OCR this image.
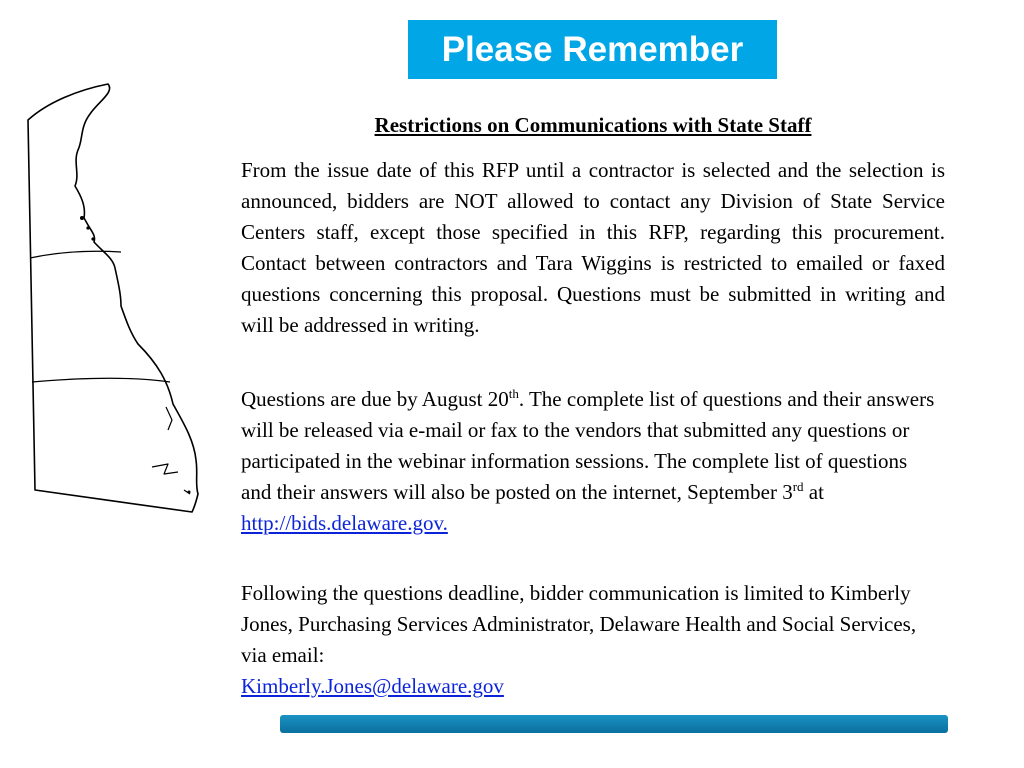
Please Remember
Restrictions on Communications with State Staff
From the issue date of this RFP until a contractor is selected and the selection is announced, bidders are NOT allowed to contact any Division of State Service Centers staff, except those specified in this RFP, regarding this procurement. Contact between contractors and Tara Wiggins is restricted to emailed or faxed questions concerning this proposal. Questions must be submitted in writing and will be addressed in writing.
Questions are due by August 20th. The complete list of questions and their answers will be released via e-mail or fax to the vendors that submitted any questions or participated in the webinar information sessions. The complete list of questions and their answers will also be posted on the internet, September 3rd at
http://bids.delaware.gov.
Following the questions deadline, bidder communication is limited to Kimberly Jones, Purchasing Services Administrator, Delaware Health and Social Services, via email:
Kimberly.Jones@delaware.gov
